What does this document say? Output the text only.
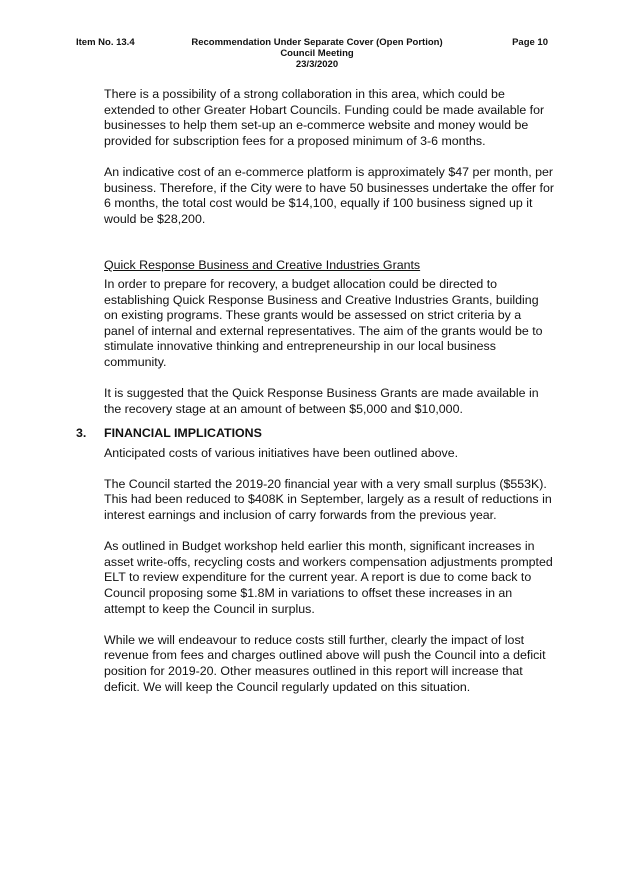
Item No. 13.4	Recommendation Under Separate Cover (Open Portion)
Council Meeting
23/3/2020
Page 10

There is a possibility of a strong collaboration in this area, which could be extended to other Greater Hobart Councils. Funding could be made available for businesses to help them set-up an e-commerce website and money would be provided for subscription fees for a proposed minimum of 3-6 months.

An indicative cost of an e-commerce platform is approximately $47 per month, per business. Therefore, if the City were to have 50 businesses undertake the offer for 6 months, the total cost would be $14,100, equally if 100 business signed up it would be $28,200.

Quick Response Business and Creative Industries Grants

In order to prepare for recovery, a budget allocation could be directed to establishing Quick Response Business and Creative Industries Grants, building on existing programs. These grants would be assessed on strict criteria by a panel of internal and external representatives. The aim of the grants would be to stimulate innovative thinking and entrepreneurship in our local business community.

It is suggested that the Quick Response Business Grants are made available in the recovery stage at an amount of between $5,000 and $10,000.

3.	FINANCIAL IMPLICATIONS

Anticipated costs of various initiatives have been outlined above.

The Council started the 2019-20 financial year with a very small surplus ($553K). This had been reduced to $408K in September, largely as a result of reductions in interest earnings and inclusion of carry forwards from the previous year.

As outlined in Budget workshop held earlier this month, significant increases in asset write-offs, recycling costs and workers compensation adjustments prompted ELT to review expenditure for the current year. A report is due to come back to Council proposing some $1.8M in variations to offset these increases in an attempt to keep the Council in surplus.

While we will endeavour to reduce costs still further, clearly the impact of lost revenue from fees and charges outlined above will push the Council into a deficit position for 2019-20. Other measures outlined in this report will increase that deficit. We will keep the Council regularly updated on this situation.
